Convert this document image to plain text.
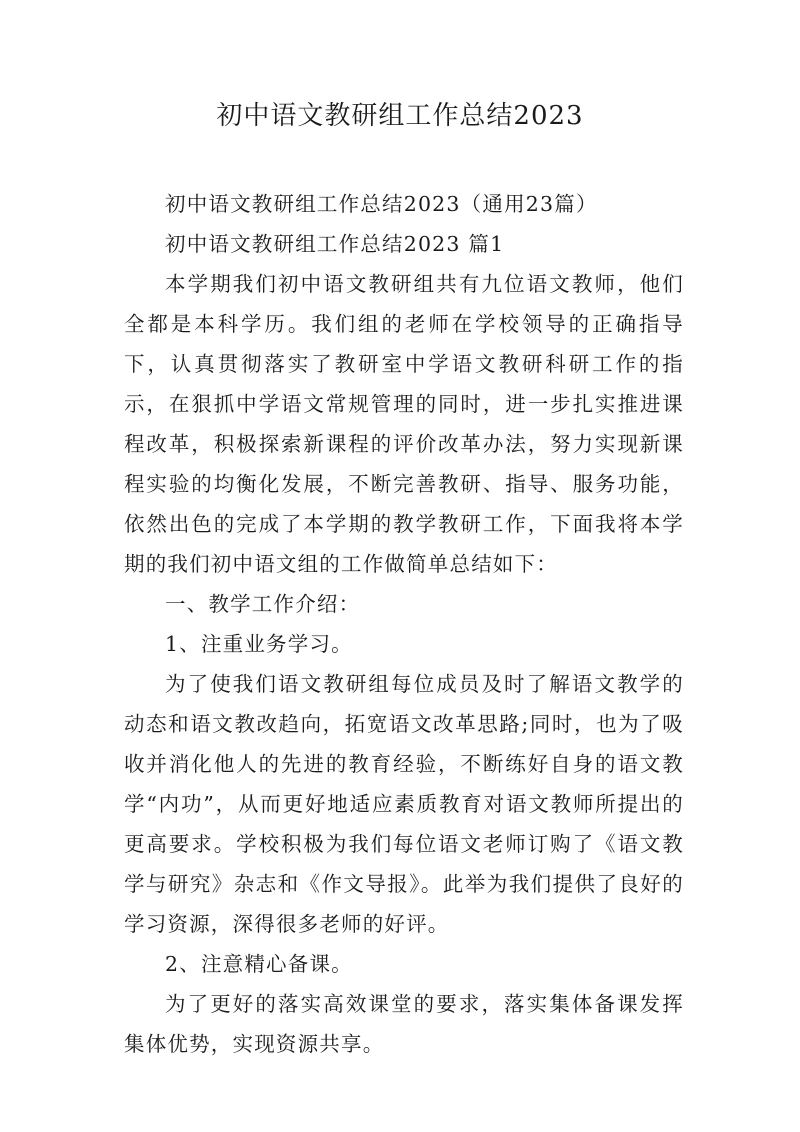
初中语文教研组工作总结2023

初中语文教研组工作总结2023（通用23篇）

初中语文教研组工作总结2023 篇1

本学期我们初中语文教研组共有九位语文教师，他们全都是本科学历。我们组的老师在学校领导的正确指导下，认真贯彻落实了教研室中学语文教研科研工作的指示，在狠抓中学语文常规管理的同时，进一步扎实推进课程改革，积极探索新课程的评价改革办法，努力实现新课程实验的均衡化发展，不断完善教研、指导、服务功能，依然出色的完成了本学期的教学教研工作，下面我将本学期的我们初中语文组的工作做简单总结如下：

一、教学工作介绍：

1、注重业务学习。

为了使我们语文教研组每位成员及时了解语文教学的动态和语文教改趋向，拓宽语文改革思路;同时，也为了吸收并消化他人的先进的教育经验，不断练好自身的语文教学“内功”，从而更好地适应素质教育对语文教师所提出的更高要求。学校积极为我们每位语文老师订购了《语文教学与研究》杂志和《作文导报》。此举为我们提供了良好的学习资源，深得很多老师的好评。

2、注意精心备课。

为了更好的落实高效课堂的要求，落实集体备课发挥集体优势，实现资源共享。
